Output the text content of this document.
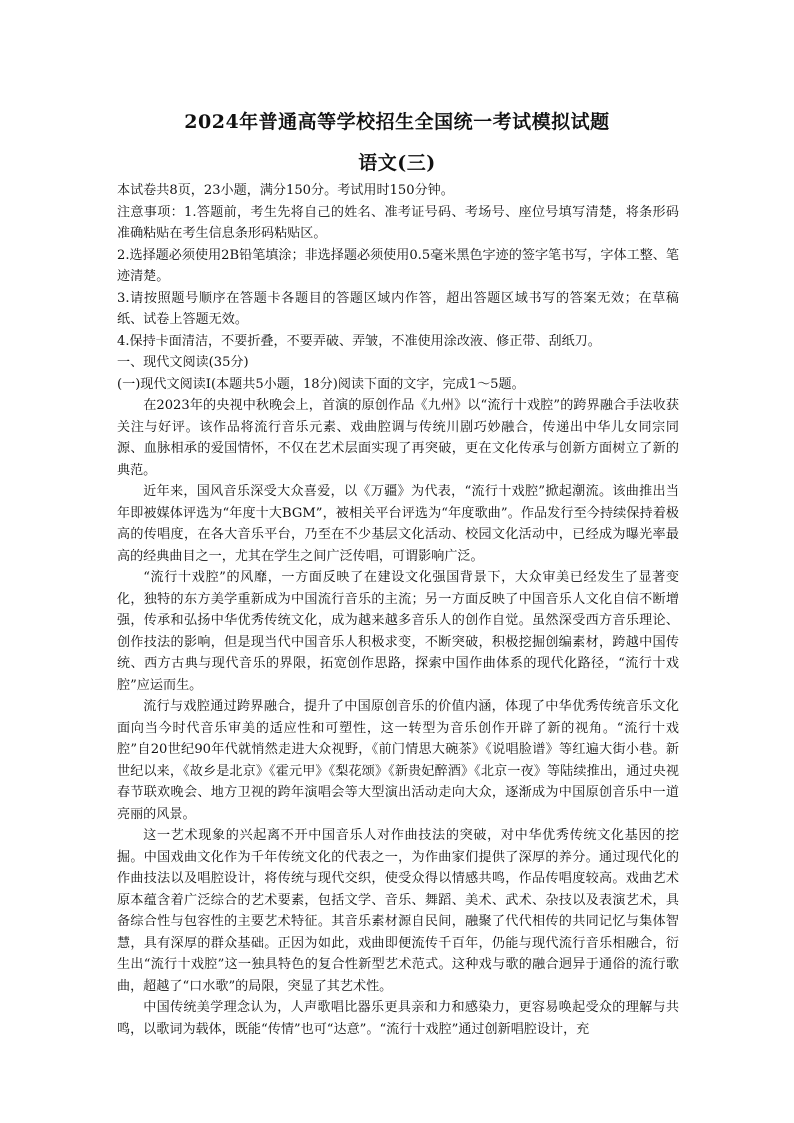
2024年普通高等学校招生全国统一考试模拟试题
语文(三)

本试卷共8页，23小题，满分150分。考试用时150分钟。

注意事项：1.答题前，考生先将自己的姓名、准考证号码、考场号、座位号填写清楚，将条形码准确粘贴在考生信息条形码粘贴区。

2.选择题必须使用2B铅笔填涂；非选择题必须使用0.5毫米黑色字迹的签字笔书写，字体工整、笔迹清楚。

3.请按照题号顺序在答题卡各题目的答题区域内作答，超出答题区域书写的答案无效；在草稿纸、试卷上答题无效。

4.保持卡面清洁，不要折叠，不要弄破、弄皱，不准使用涂改液、修正带、刮纸刀。

一、现代文阅读(35分)

(一)现代文阅读Ⅰ(本题共5小题，18分)阅读下面的文字，完成1～5题。

在2023年的央视中秋晚会上，首演的原创作品《九州》以“流行十戏腔”的跨界融合手法收获关注与好评。该作品将流行音乐元素、戏曲腔调与传统川剧巧妙融合，传递出中华儿女同宗同源、血脉相承的爱国情怀，不仅在艺术层面实现了再突破，更在文化传承与创新方面树立了新的典范。

近年来，国风音乐深受大众喜爱，以《万疆》为代表，“流行十戏腔”掀起潮流。该曲推出当年即被媒体评选为“年度十大BGM”，被相关平台评选为“年度歌曲”。作品发行至今持续保持着极高的传唱度，在各大音乐平台，乃至在不少基层文化活动、校园文化活动中，已经成为曝光率最高的经典曲目之一，尤其在学生之间广泛传唱，可谓影响广泛。

“流行十戏腔”的风靡，一方面反映了在建设文化强国背景下，大众审美已经发生了显著变化，独特的东方美学重新成为中国流行音乐的主流；另一方面反映了中国音乐人文化自信不断增强，传承和弘扬中华优秀传统文化，成为越来越多音乐人的创作自觉。虽然深受西方音乐理论、创作技法的影响，但是现当代中国音乐人积极求变，不断突破，积极挖掘创编素材，跨越中国传统、西方古典与现代音乐的界限，拓宽创作思路，探索中国作曲体系的现代化路径，“流行十戏腔”应运而生。

流行与戏腔通过跨界融合，提升了中国原创音乐的价值内涵，体现了中华优秀传统音乐文化面向当今时代音乐审美的适应性和可塑性，这一转型为音乐创作开辟了新的视角。“流行十戏腔”自20世纪90年代就悄然走进大众视野，《前门情思大碗茶》《说唱脸谱》等红遍大街小巷。新世纪以来，《故乡是北京》《霍元甲》《梨花颂》《新贵妃醉酒》《北京一夜》等陆续推出，通过央视春节联欢晚会、地方卫视的跨年演唱会等大型演出活动走向大众，逐渐成为中国原创音乐中一道亮丽的风景。

这一艺术现象的兴起离不开中国音乐人对作曲技法的突破，对中华优秀传统文化基因的挖掘。中国戏曲文化作为千年传统文化的代表之一，为作曲家们提供了深厚的养分。通过现代化的作曲技法以及唱腔设计，将传统与现代交织，使受众得以情感共鸣，作品传唱度较高。戏曲艺术原本蕴含着广泛综合的艺术要素，包括文学、音乐、舞蹈、美术、武术、杂技以及表演艺术，具备综合性与包容性的主要艺术特征。其音乐素材源自民间，融聚了代代相传的共同记忆与集体智慧，具有深厚的群众基础。正因为如此，戏曲即便流传千百年，仍能与现代流行音乐相融合，衍生出“流行十戏腔”这一独具特色的复合性新型艺术范式。这种戏与歌的融合迥异于通俗的流行歌曲，超越了“口水歌”的局限，突显了其艺术性。

中国传统美学理念认为，人声歌唱比器乐更具亲和力和感染力，更容易唤起受众的理解与共鸣，以歌词为载体，既能“传情”也可“达意”。“流行十戏腔”通过创新唱腔设计，充
